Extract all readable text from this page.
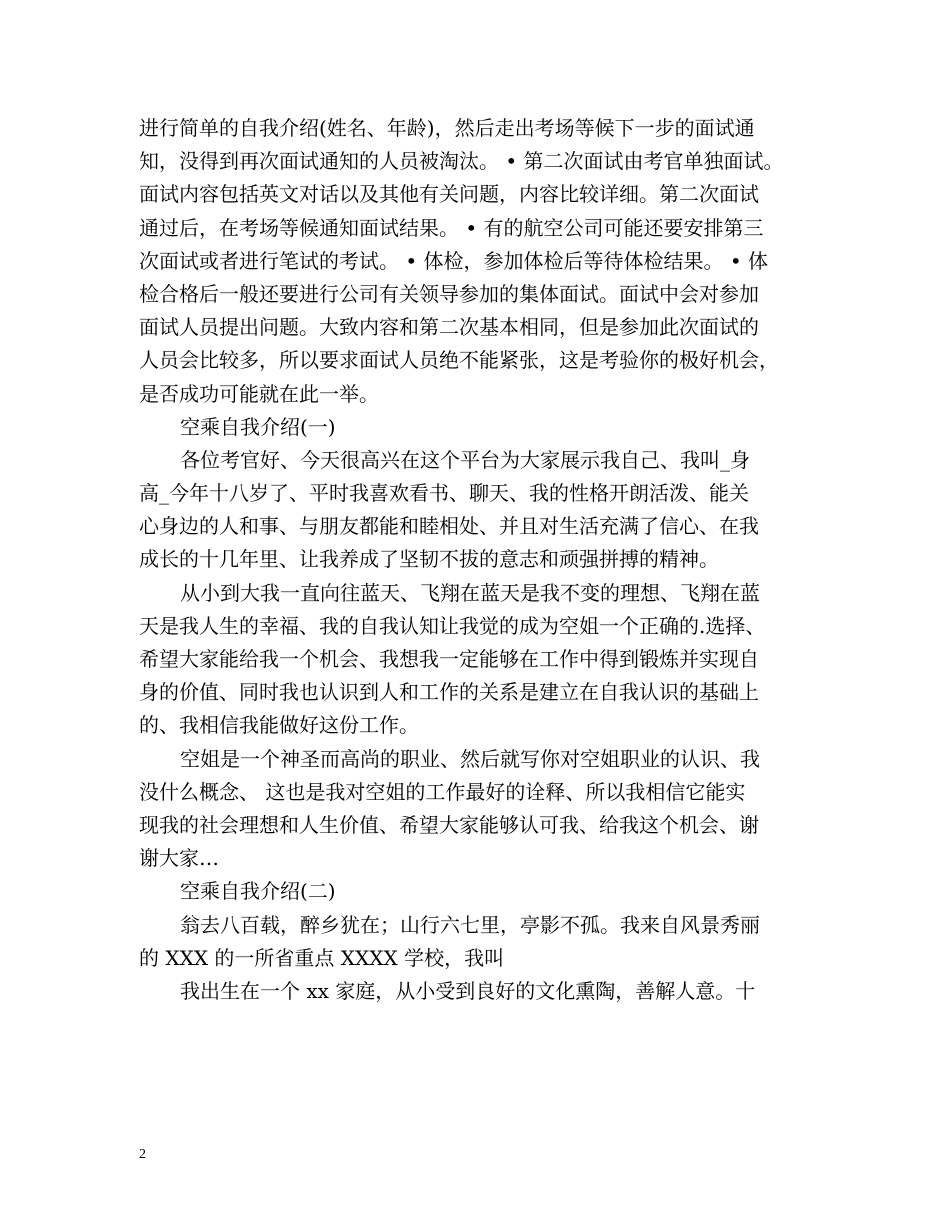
进行简单的自我介绍(姓名、年龄)，然后走出考场等候下一步的面试通
知，没得到再次面试通知的人员被淘汰。 • 第二次面试由考官单独面试。
面试内容包括英文对话以及其他有关问题，内容比较详细。第二次面试
通过后，在考场等候通知面试结果。 • 有的航空公司可能还要安排第三
次面试或者进行笔试的考试。 • 体检，参加体检后等待体检结果。 • 体
检合格后一般还要进行公司有关领导参加的集体面试。面试中会对参加
面试人员提出问题。大致内容和第二次基本相同，但是参加此次面试的
人员会比较多，所以要求面试人员绝不能紧张，这是考验你的极好机会，
是否成功可能就在此一举。
空乘自我介绍(一)
各位考官好、今天很高兴在这个平台为大家展示我自己、我叫_身
高_今年十八岁了、平时我喜欢看书、聊天、我的性格开朗活泼、能关
心身边的人和事、与朋友都能和睦相处、并且对生活充满了信心、在我
成长的十几年里、让我养成了坚韧不拔的意志和顽强拼搏的精神。
从小到大我一直向往蓝天、飞翔在蓝天是我不变的理想、飞翔在蓝
天是我人生的幸福、我的自我认知让我觉的成为空姐一个正确的.选择、
希望大家能给我一个机会、我想我一定能够在工作中得到锻炼并实现自
身的价值、同时我也认识到人和工作的关系是建立在自我认识的基础上
的、我相信我能做好这份工作。
空姐是一个神圣而高尚的职业、然后就写你对空姐职业的认识、我
没什么概念、 这也是我对空姐的工作最好的诠释、所以我相信它能实
现我的社会理想和人生价值、希望大家能够认可我、给我这个机会、谢
谢大家…
空乘自我介绍(二)
翁去八百载，醉乡犹在；山行六七里，亭影不孤。我来自风景秀丽
的 XXX 的一所省重点 XXXX 学校，我叫
我出生在一个 xx 家庭，从小受到良好的文化熏陶，善解人意。十
2
